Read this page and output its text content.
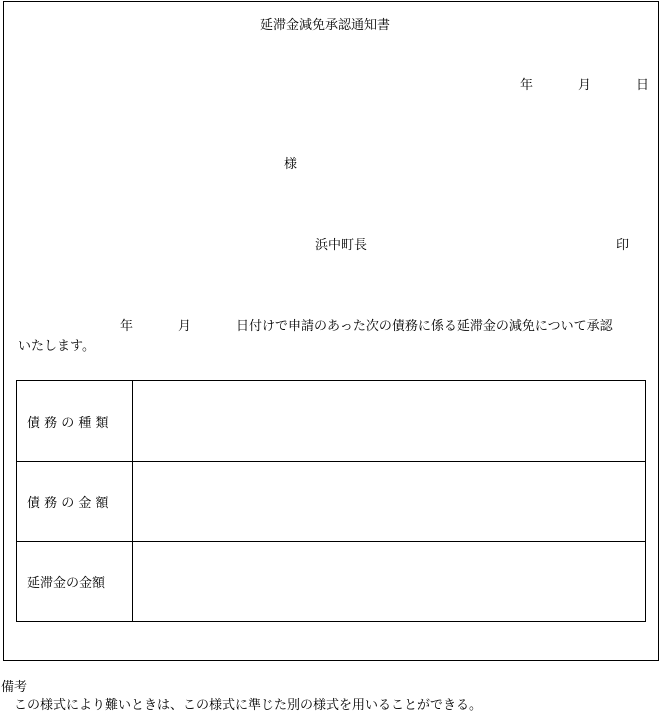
延滞金減免承認通知書
年	月	日
様
浜中町長	印
年	月	日付けで申請のあった次の債務に係る延滞金の減免について承認
いたします。
債 務 の 種 類
債 務 の 金 額
延滞金の金額
備考
この様式により難いときは、この様式に準じた別の様式を用いることができる。
